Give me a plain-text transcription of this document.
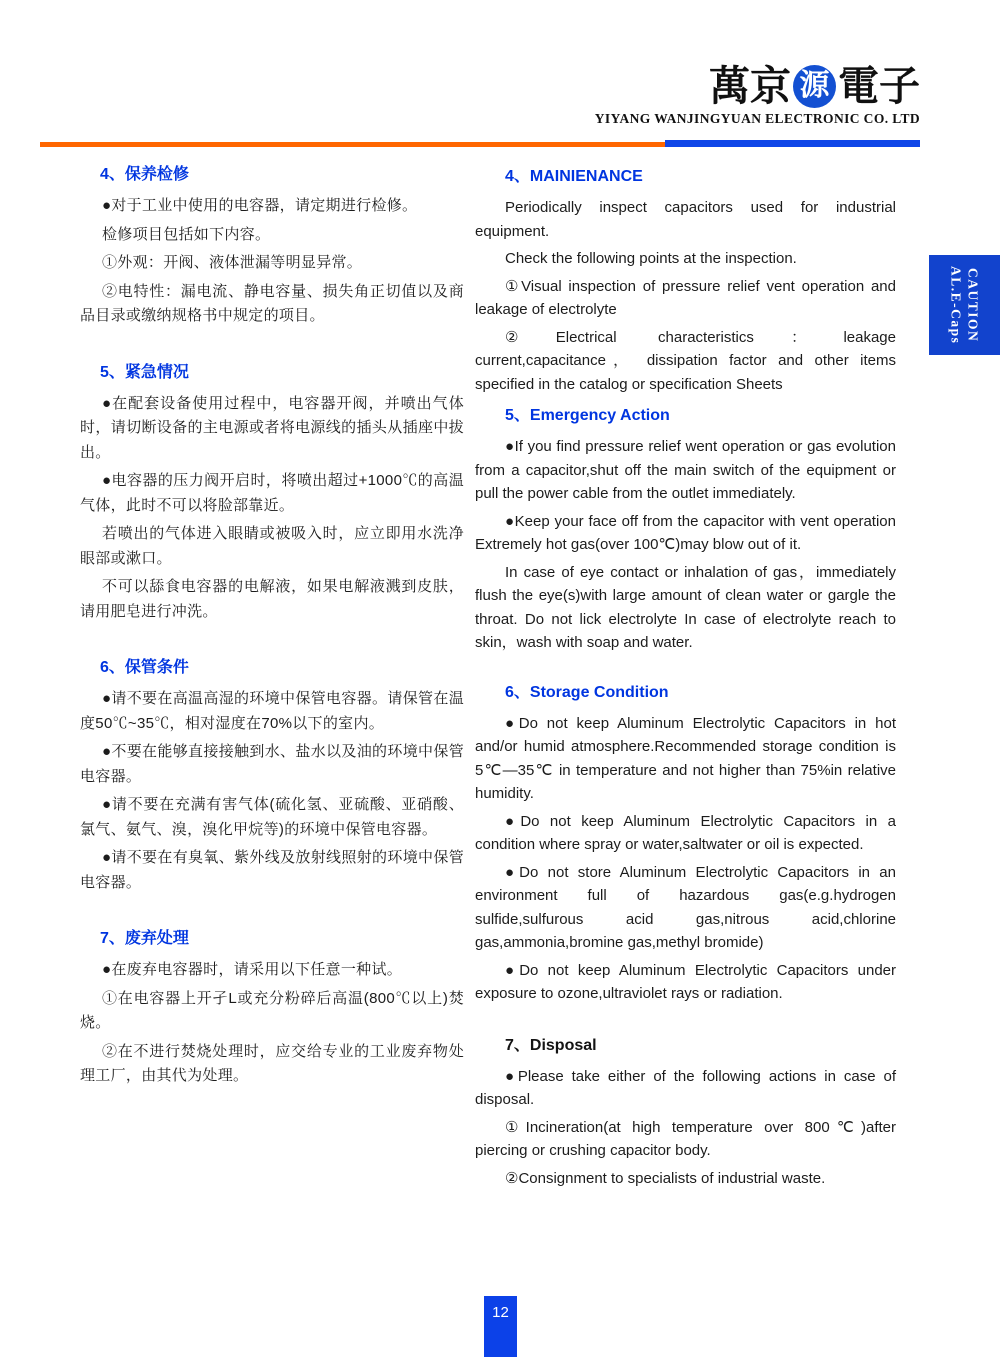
萬京 源 電子
YIYANG WANJINGYUAN ELECTRONIC CO. LTD
4、保养检修

●对于工业中使用的电容器，请定期进行检修。

检修项目包括如下内容。

①外观：开阀、液体泄漏等明显异常。

②电特性：漏电流、静电容量、损失角正切值以及商品目录或缴纳规格书中规定的项目。

5、紧急情况

●在配套设备使用过程中，电容器开阀，并喷出气体时，请切断设备的主电源或者将电源线的插头从插座中拔出。

●电容器的压力阀开启时，将喷出超过+1000℃的高温气体，此时不可以将脸部靠近。

若喷出的气体进入眼睛或被吸入时，应立即用水洗净眼部或漱口。

不可以舔食电容器的电解液，如果电解液溅到皮肤，请用肥皂进行冲洗。

6、保管条件

●请不要在高温高湿的环境中保管电容器。请保管在温度50℃~35℃，相对湿度在70%以下的室内。

●不要在能够直接接触到水、盐水以及油的环境中保管电容器。

●请不要在充满有害气体(硫化氢、亚硫酸、亚硝酸、氯气、氨气、溴，溴化甲烷等)的环境中保管电容器。

●请不要在有臭氧、紫外线及放射线照射的环境中保管电容器。

7、废弃处理

●在废弃电容器时，请采用以下任意一种试。

①在电容器上开孑L或充分粉碎后高温(800℃以上)焚烧。

②在不进行焚烧处理时，应交给专业的工业废弃物处理工厂，由其代为处理。

4、MAINIENANCE

Periodically inspect capacitors used for industrial equipment.

Check the following points at the inspection.

①Visual inspection of pressure relief vent operation and leakage of electrolyte

②Electrical characteristics：leakage current,capacitance， dissipation factor and other items specified in the catalog or specification Sheets

5、Emergency Action

●If you find pressure relief went operation or gas evolution from a capacitor,shut off the main switch of the equipment or pull the power cable from the outlet immediately.

●Keep your face off from the capacitor with vent operation Extremely hot gas(over 100℃)may blow out of it.

In case of eye contact or inhalation of gas，immediately flush the eye(s)with large amount of clean water or gargle the throat. Do not lick electrolyte In case of electrolyte reach to skin，wash with soap and water.

6、Storage Condition

●Do not keep Aluminum Electrolytic Capacitors in hot and/or humid atmosphere.Recommended storage condition is 5℃—35℃ in temperature and not higher than 75%in relative humidity.

●Do not keep Aluminum Electrolytic Capacitors in a condition where spray or water,saltwater or oil is expected.

●Do not store Aluminum Electrolytic Capacitors in an environment full of hazardous gas(e.g.hydrogen sulfide,sulfurous acid gas,nitrous acid,chlorine gas,ammonia,bromine gas,methyl bromide)

●Do not keep Aluminum Electrolytic Capacitors under exposure to ozone,ultraviolet rays or radiation.

7、Disposal

●Please take either of the following actions in case of disposal.

①Incineration(at high temperature over 800℃)after piercing or crushing capacitor body.

②Consignment to specialists of industrial waste.

CAUTION
AL.E-Caps
12
